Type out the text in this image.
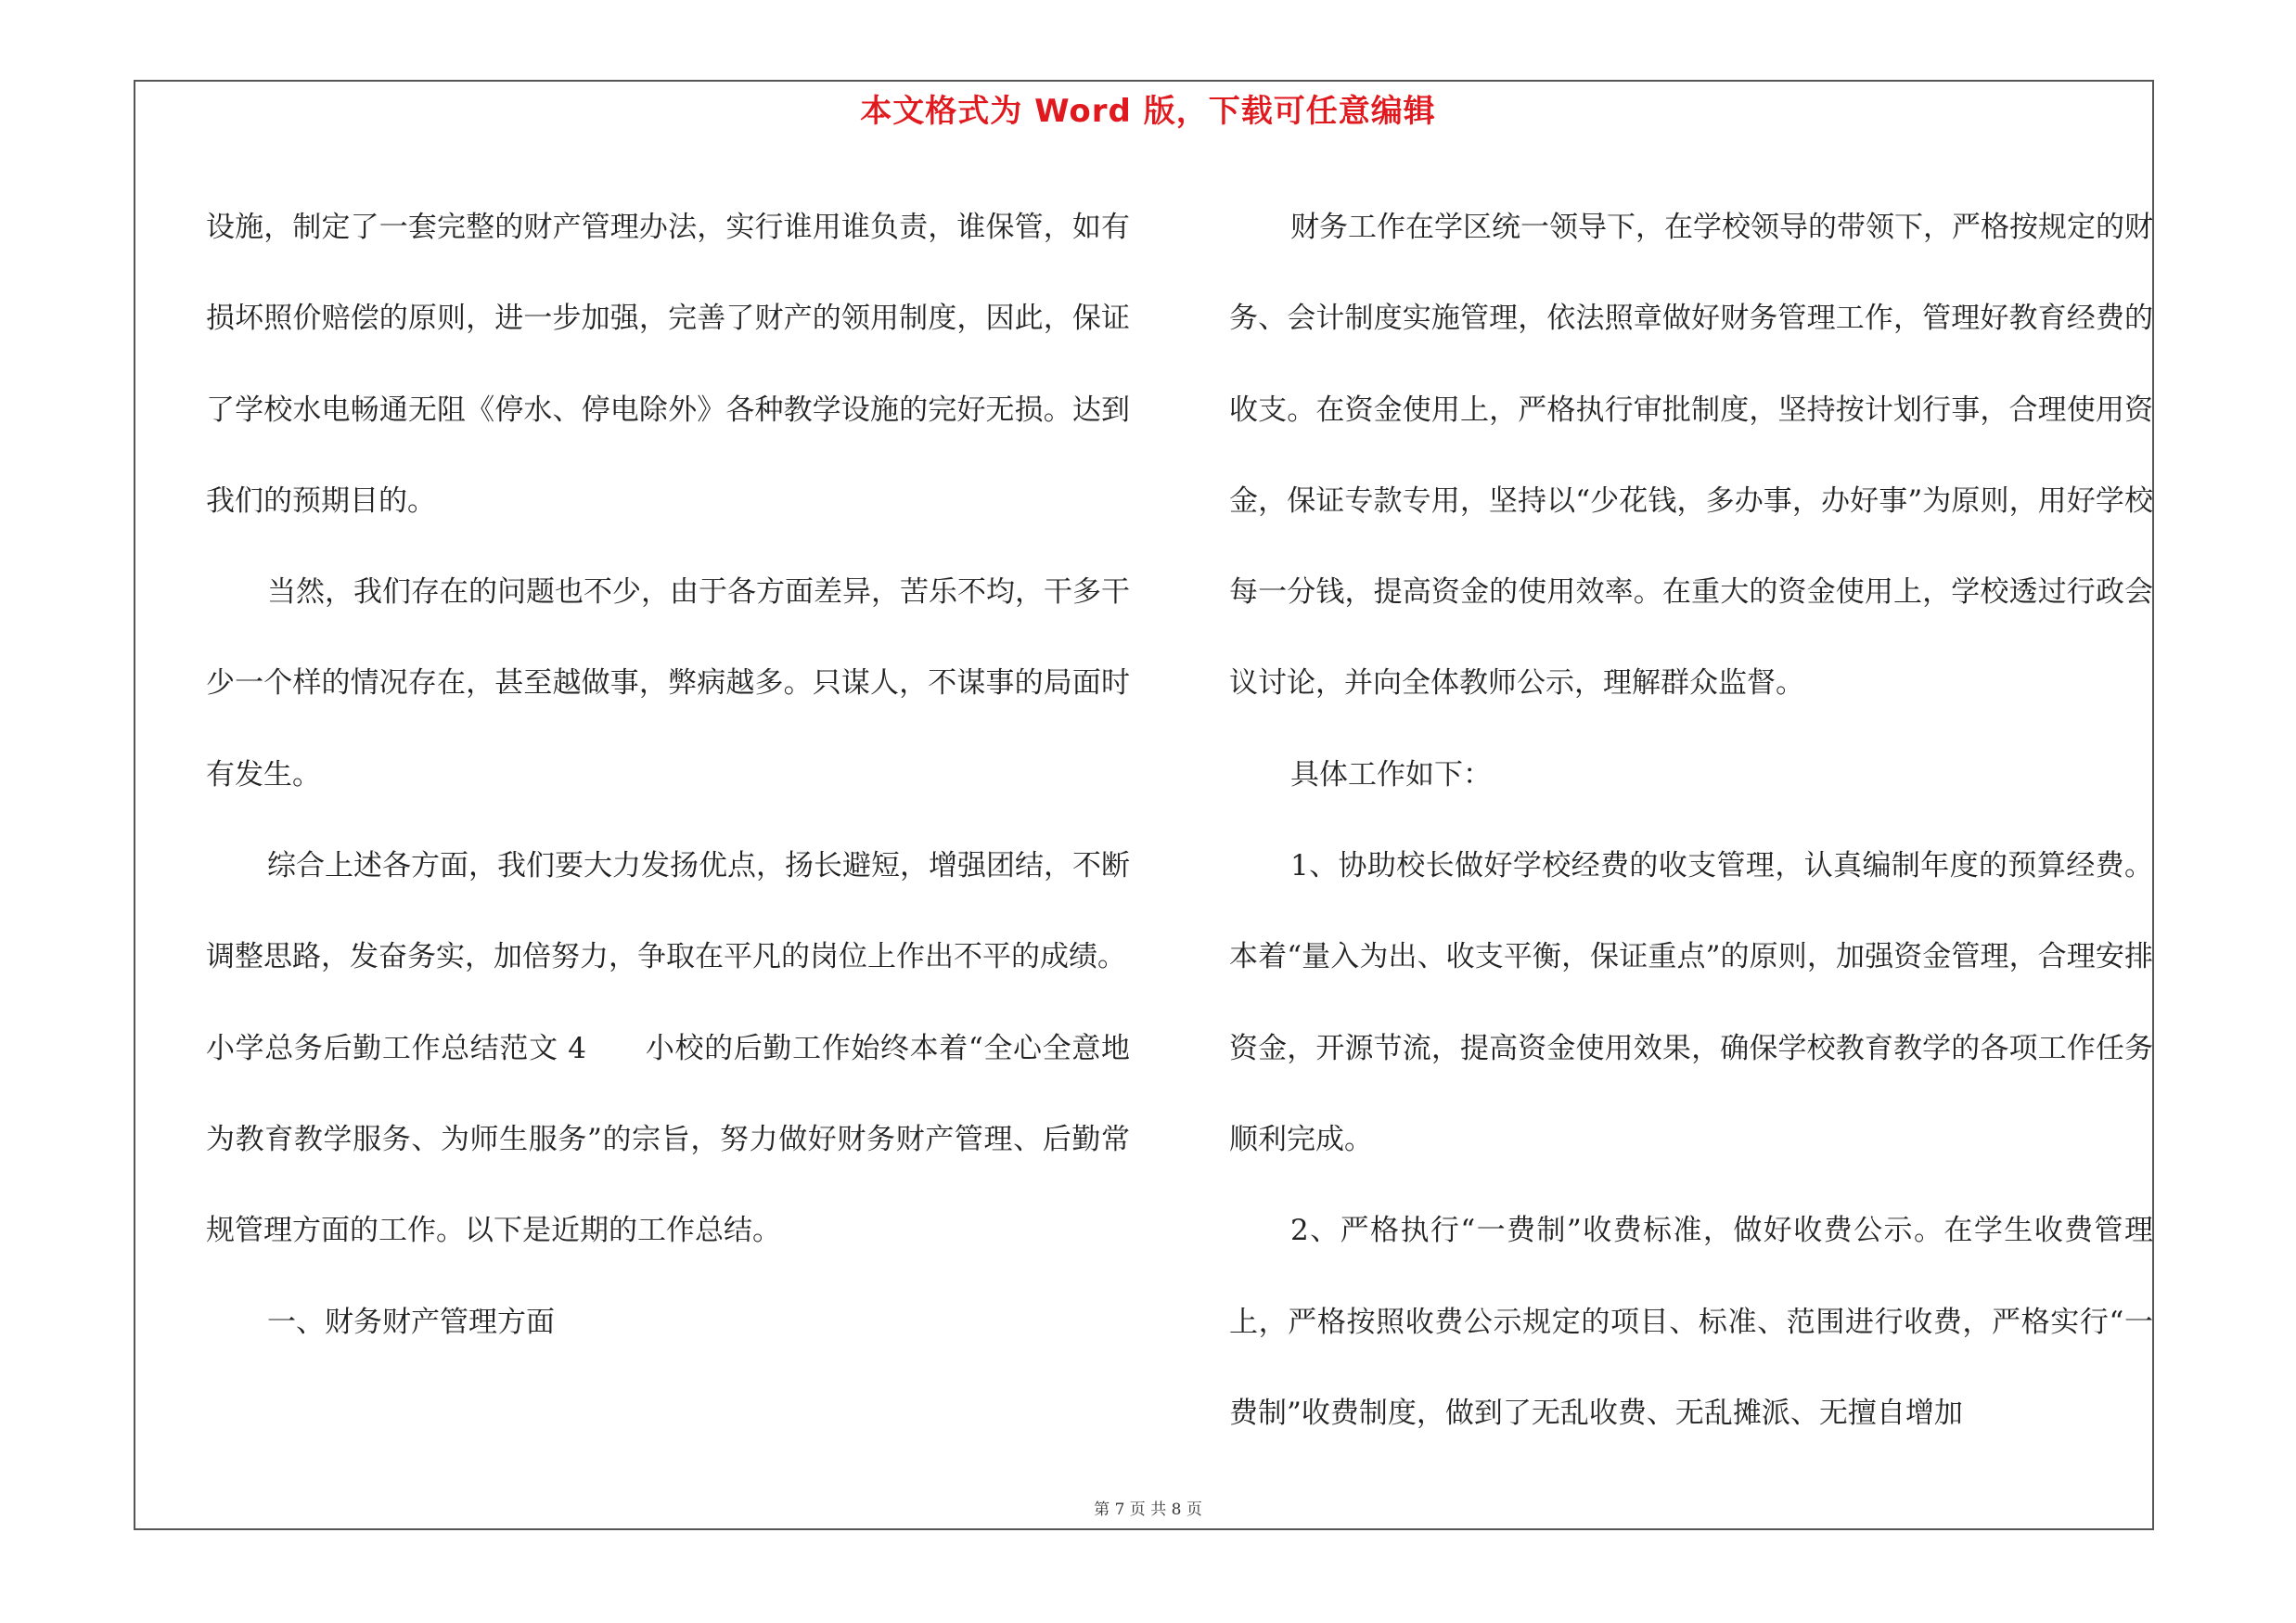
本文格式为 Word 版，下载可任意编辑

设施，制定了一套完整的财产管理办法，实行谁用谁负责，谁保管，如有损坏照价赔偿的原则，进一步加强，完善了财产的领用制度，因此，保证了学校水电畅通无阻《停水、停电除外》各种教学设施的完好无损。达到我们的预期目的。

当然，我们存在的问题也不少，由于各方面差异，苦乐不均，干多干少一个样的情况存在，甚至越做事，弊病越多。只谋人，不谋事的局面时有发生。

综合上述各方面，我们要大力发扬优点，扬长避短，增强团结，不断调整思路，发奋务实，加倍努力，争取在平凡的岗位上作出不平的成绩。

小学总务后勤工作总结范文 4　　小校的后勤工作始终本着“全心全意地为教育教学服务、为师生服务”的宗旨，努力做好财务财产管理、后勤常规管理方面的工作。以下是近期的工作总结。

一、财务财产管理方面

财务工作在学区统一领导下，在学校领导的带领下，严格按规定的财务、会计制度实施管理，依法照章做好财务管理工作，管理好教育经费的收支。在资金使用上，严格执行审批制度，坚持按计划行事，合理使用资金，保证专款专用，坚持以“少花钱，多办事，办好事”为原则，用好学校每一分钱，提高资金的使用效率。在重大的资金使用上，学校透过行政会议讨论，并向全体教师公示，理解群众监督。

具体工作如下：

1、协助校长做好学校经费的收支管理，认真编制年度的预算经费。本着“量入为出、收支平衡，保证重点”的原则，加强资金管理，合理安排资金，开源节流，提高资金使用效果，确保学校教育教学的各项工作任务顺利完成。

2、严格执行“一费制”收费标准，做好收费公示。在学生收费管理上，严格按照收费公示规定的项目、标准、范围进行收费，严格实行“一费制”收费制度，做到了无乱收费、无乱摊派、无擅自增加

第 7 页 共 8 页
